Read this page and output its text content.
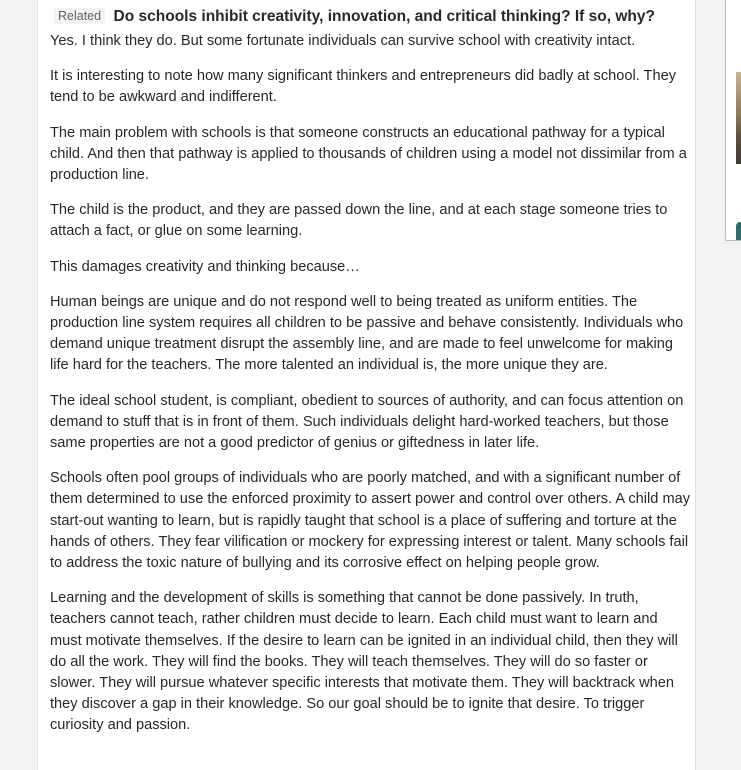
Related Do schools inhibit creativity, innovation, and critical thinking? If so, why?

Yes. I think they do. But some fortunate individuals can survive school with creativity intact.

It is interesting to note how many significant thinkers and entrepreneurs did badly at school. They tend to be awkward and indifferent.

The main problem with schools is that someone constructs an educational pathway for a typical child. And then that pathway is applied to thousands of children using a model not dissimilar from a production line.

The child is the product, and they are passed down the line, and at each stage someone tries to attach a fact, or glue on some learning.

This damages creativity and thinking because…

Human beings are unique and do not respond well to being treated as uniform entities. The production line system requires all children to be passive and behave consistently. Individuals who demand unique treatment disrupt the assembly line, and are made to feel unwelcome for making life hard for the teachers. The more talented an individual is, the more unique they are.

The ideal school student, is compliant, obedient to sources of authority, and can focus attention on demand to stuff that is in front of them. Such individuals delight hard-worked teachers, but those same properties are not a good predictor of genius or giftedness in later life.

Schools often pool groups of individuals who are poorly matched, and with a significant number of them determined to use the enforced proximity to assert power and control over others. A child may start-out wanting to learn, but is rapidly taught that school is a place of suffering and torture at the hands of others. They fear vilification or mockery for expressing interest or talent. Many schools fail to address the toxic nature of bullying and its corrosive effect on helping people grow.

Learning and the development of skills is something that cannot be done passively. In truth, teachers cannot teach, rather children must decide to learn. Each child must want to learn and must motivate themselves. If the desire to learn can be ignited in an individual child, then they will do all the work. They will find the books. They will teach themselves. They will do so faster or slower. They will pursue whatever specific interests that motivate them. They will backtrack when they discover a gap in their knowledge. So our goal should be to ignite that desire. To trigger curiosity and passion.
